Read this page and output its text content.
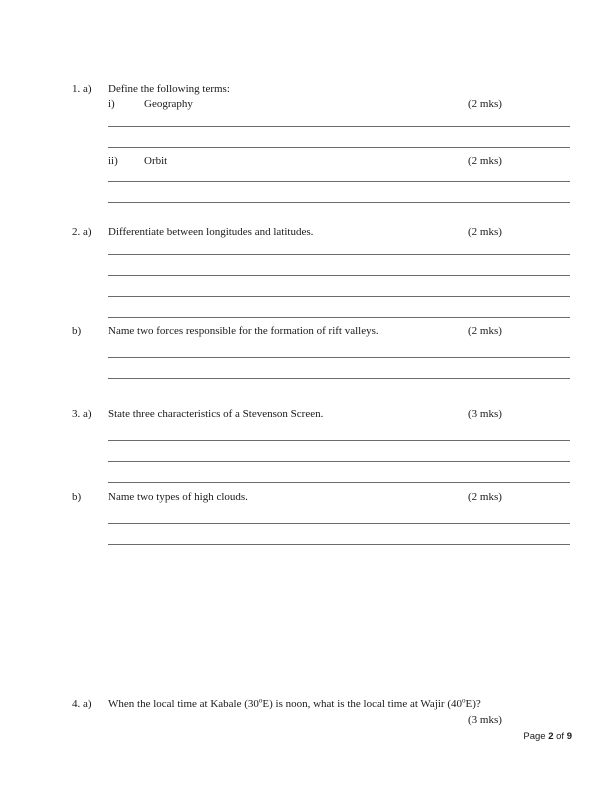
1. a) Define the following terms:
i)	Geography	(2 mks)
ii) Orbit	(2 mks)
2. a) Differentiate between longitudes and latitudes.	(2 mks)
b) Name two forces responsible for the formation of rift valleys.	(2 mks)
3. a) State three characteristics of a Stevenson Screen.	(3 mks)
b) Name two types of high clouds.	(2 mks)
4. a) When the local time at Kabale (30$^o$E) is noon, what is the local time at Wajir (40$^o$E)?
(3 mks)
Page 2 of 9
